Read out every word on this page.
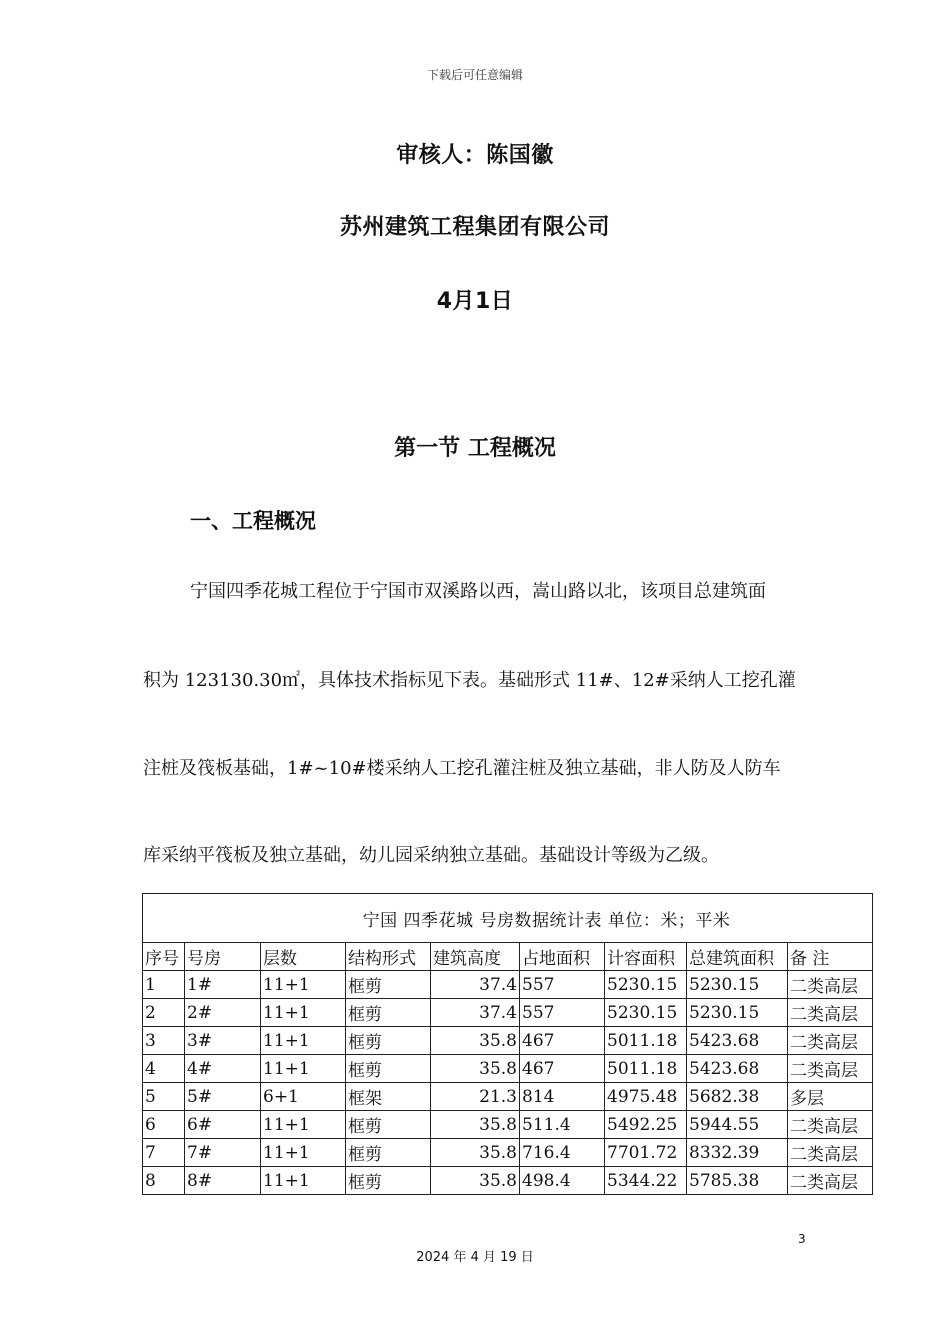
下载后可任意编辑
审核人：陈国徽
苏州建筑工程集团有限公司
4月1日
第一节 工程概况
一、工程概况
宁国四季花城工程位于宁国市双溪路以西，嵩山路以北，该项目总建筑面
积为 123130.30㎡，具体技术指标见下表。基础形式 11#、12#采纳人工挖孔灌
注桩及筏板基础，1#~10#楼采纳人工挖孔灌注桩及独立基础，非人防及人防车
库采纳平筏板及独立基础，幼儿园采纳独立基础。基础设计等级为乙级。
宁国 四季花城 号房数据统计表 单位：米；平米								
序号	号房	层数	结构形式	建筑高度	占地面积	计容面积	总建筑面积	备 注
1	1#	11+1	框剪	37.4	557	5230.15	5230.15	二类高层
2	2#	11+1	框剪	37.4	557	5230.15	5230.15	二类高层
3	3#	11+1	框剪	35.8	467	5011.18	5423.68	二类高层
4	4#	11+1	框剪	35.8	467	5011.18	5423.68	二类高层
5	5#	6+1	框架	21.3	814	4975.48	5682.38	多层
6	6#	11+1	框剪	35.8	511.4	5492.25	5944.55	二类高层
7	7#	11+1	框剪	35.8	716.4	7701.72	8332.39	二类高层
8	8#	11+1	框剪	35.8	498.4	5344.22	5785.38	二类高层
3
2024 年 4 月 19 日
